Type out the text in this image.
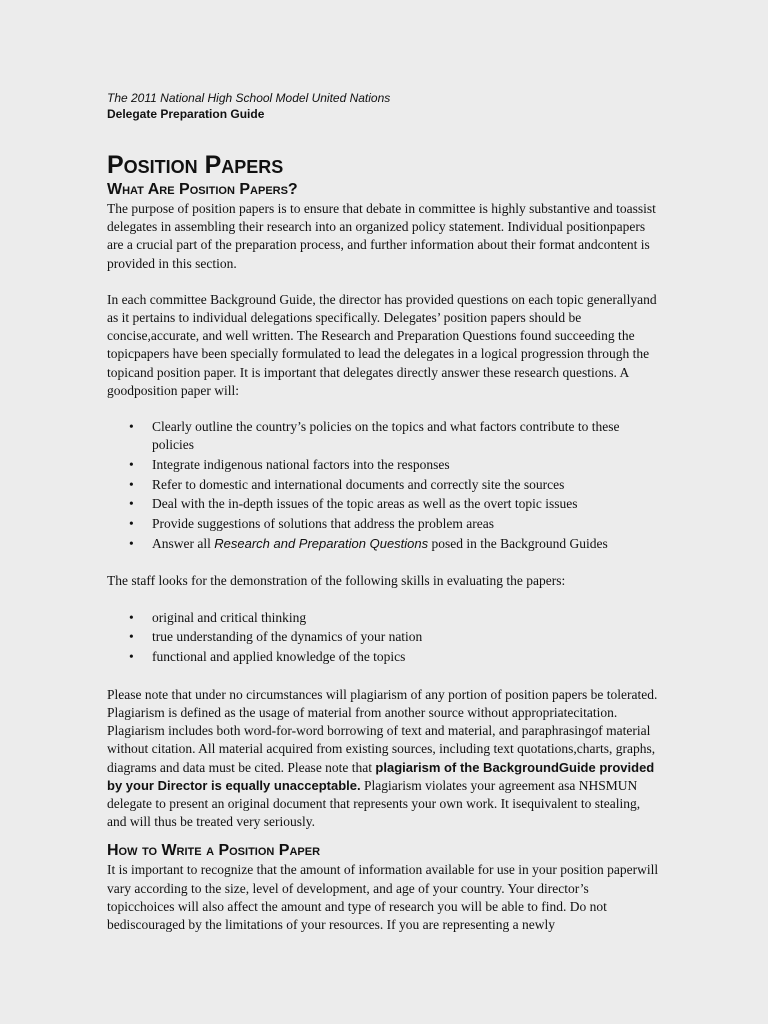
The 2011 National High School Model United Nations

Delegate Preparation Guide

Position Papers
What Are Position Papers?

The purpose of position papers is to ensure that debate in committee is highly substantive and toassist delegates in assembling their research into an organized policy statement. Individual positionpapers are a crucial part of the preparation process, and further information about their format andcontent is provided in this section.

In each committee Background Guide, the director has provided questions on each topic generallyand as it pertains to individual delegations specifically. Delegates’ position papers should be concise,accurate, and well written. The Research and Preparation Questions found succeeding the topicpapers have been specially formulated to lead the delegates in a logical progression through the topicand position paper. It is important that delegates directly answer these research questions. A goodposition paper will:

• Clearly outline the country’s policies on the topics and what factors contribute to these policies
• Integrate indigenous national factors into the responses
• Refer to domestic and international documents and correctly site the sources
• Deal with the in-depth issues of the topic areas as well as the overt topic issues
• Provide suggestions of solutions that address the problem areas
• Answer all Research and Preparation Questions posed in the Background Guides

The staff looks for the demonstration of the following skills in evaluating the papers:

• original and critical thinking
• true understanding of the dynamics of your nation
• functional and applied knowledge of the topics

Please note that under no circumstances will plagiarism of any portion of position papers be tolerated. Plagiarism is defined as the usage of material from another source without appropriatecitation. Plagiarism includes both word-for-word borrowing of text and material, and paraphrasingof material without citation. All material acquired from existing sources, including text quotations,charts, graphs, diagrams and data must be cited. Please note that plagiarism of the BackgroundGuide provided by your Director is equally unacceptable. Plagiarism violates your agreement asa NHSMUN delegate to present an original document that represents your own work. It isequivalent to stealing, and will thus be treated very seriously.

How to Write a Position Paper

It is important to recognize that the amount of information available for use in your position paperwill vary according to the size, level of development, and age of your country. Your director’s topicchoices will also affect the amount and type of research you will be able to find. Do not bediscouraged by the limitations of your resources. If you are representing a newly
